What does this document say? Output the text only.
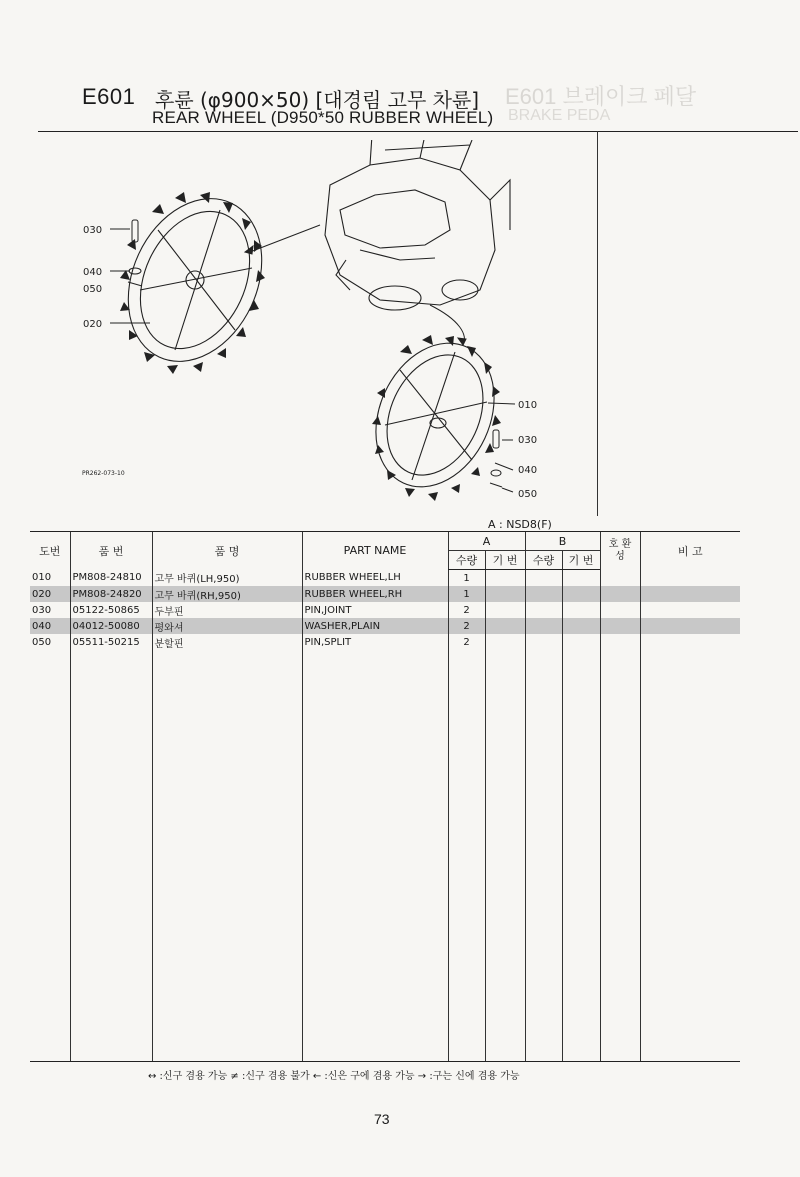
E601 브레이크 페달
BRAKE PEDA
E601 후륜 (φ900×50) [대경림 고무 차륜]
REAR WHEEL (D950*50 RUBBER WHEEL)
030
040
050
020
010
030
040
050
PR262-073-10
A : NSD8(F)
도번	품 번	품 명	PART NAME	A		B		호 환 성	비 고
				수량	기 번	수량	기 번		
010	PM808-24810	고무 바퀴(LH,950)	RUBBER WHEEL,LH	1					
020	PM808-24820	고무 바퀴(RH,950)	RUBBER WHEEL,RH	1					
030	05122-50865	두부핀	PIN,JOINT	2					
040	04012-50080	평와셔	WASHER,PLAIN	2					
050	05511-50215	분할핀	PIN,SPLIT	2					

↔ :신구 겸용 가능 ≠ :신구 겸용 불가 ← :신은 구에 겸용 가능 → :구는 신에 겸용 가능
73
